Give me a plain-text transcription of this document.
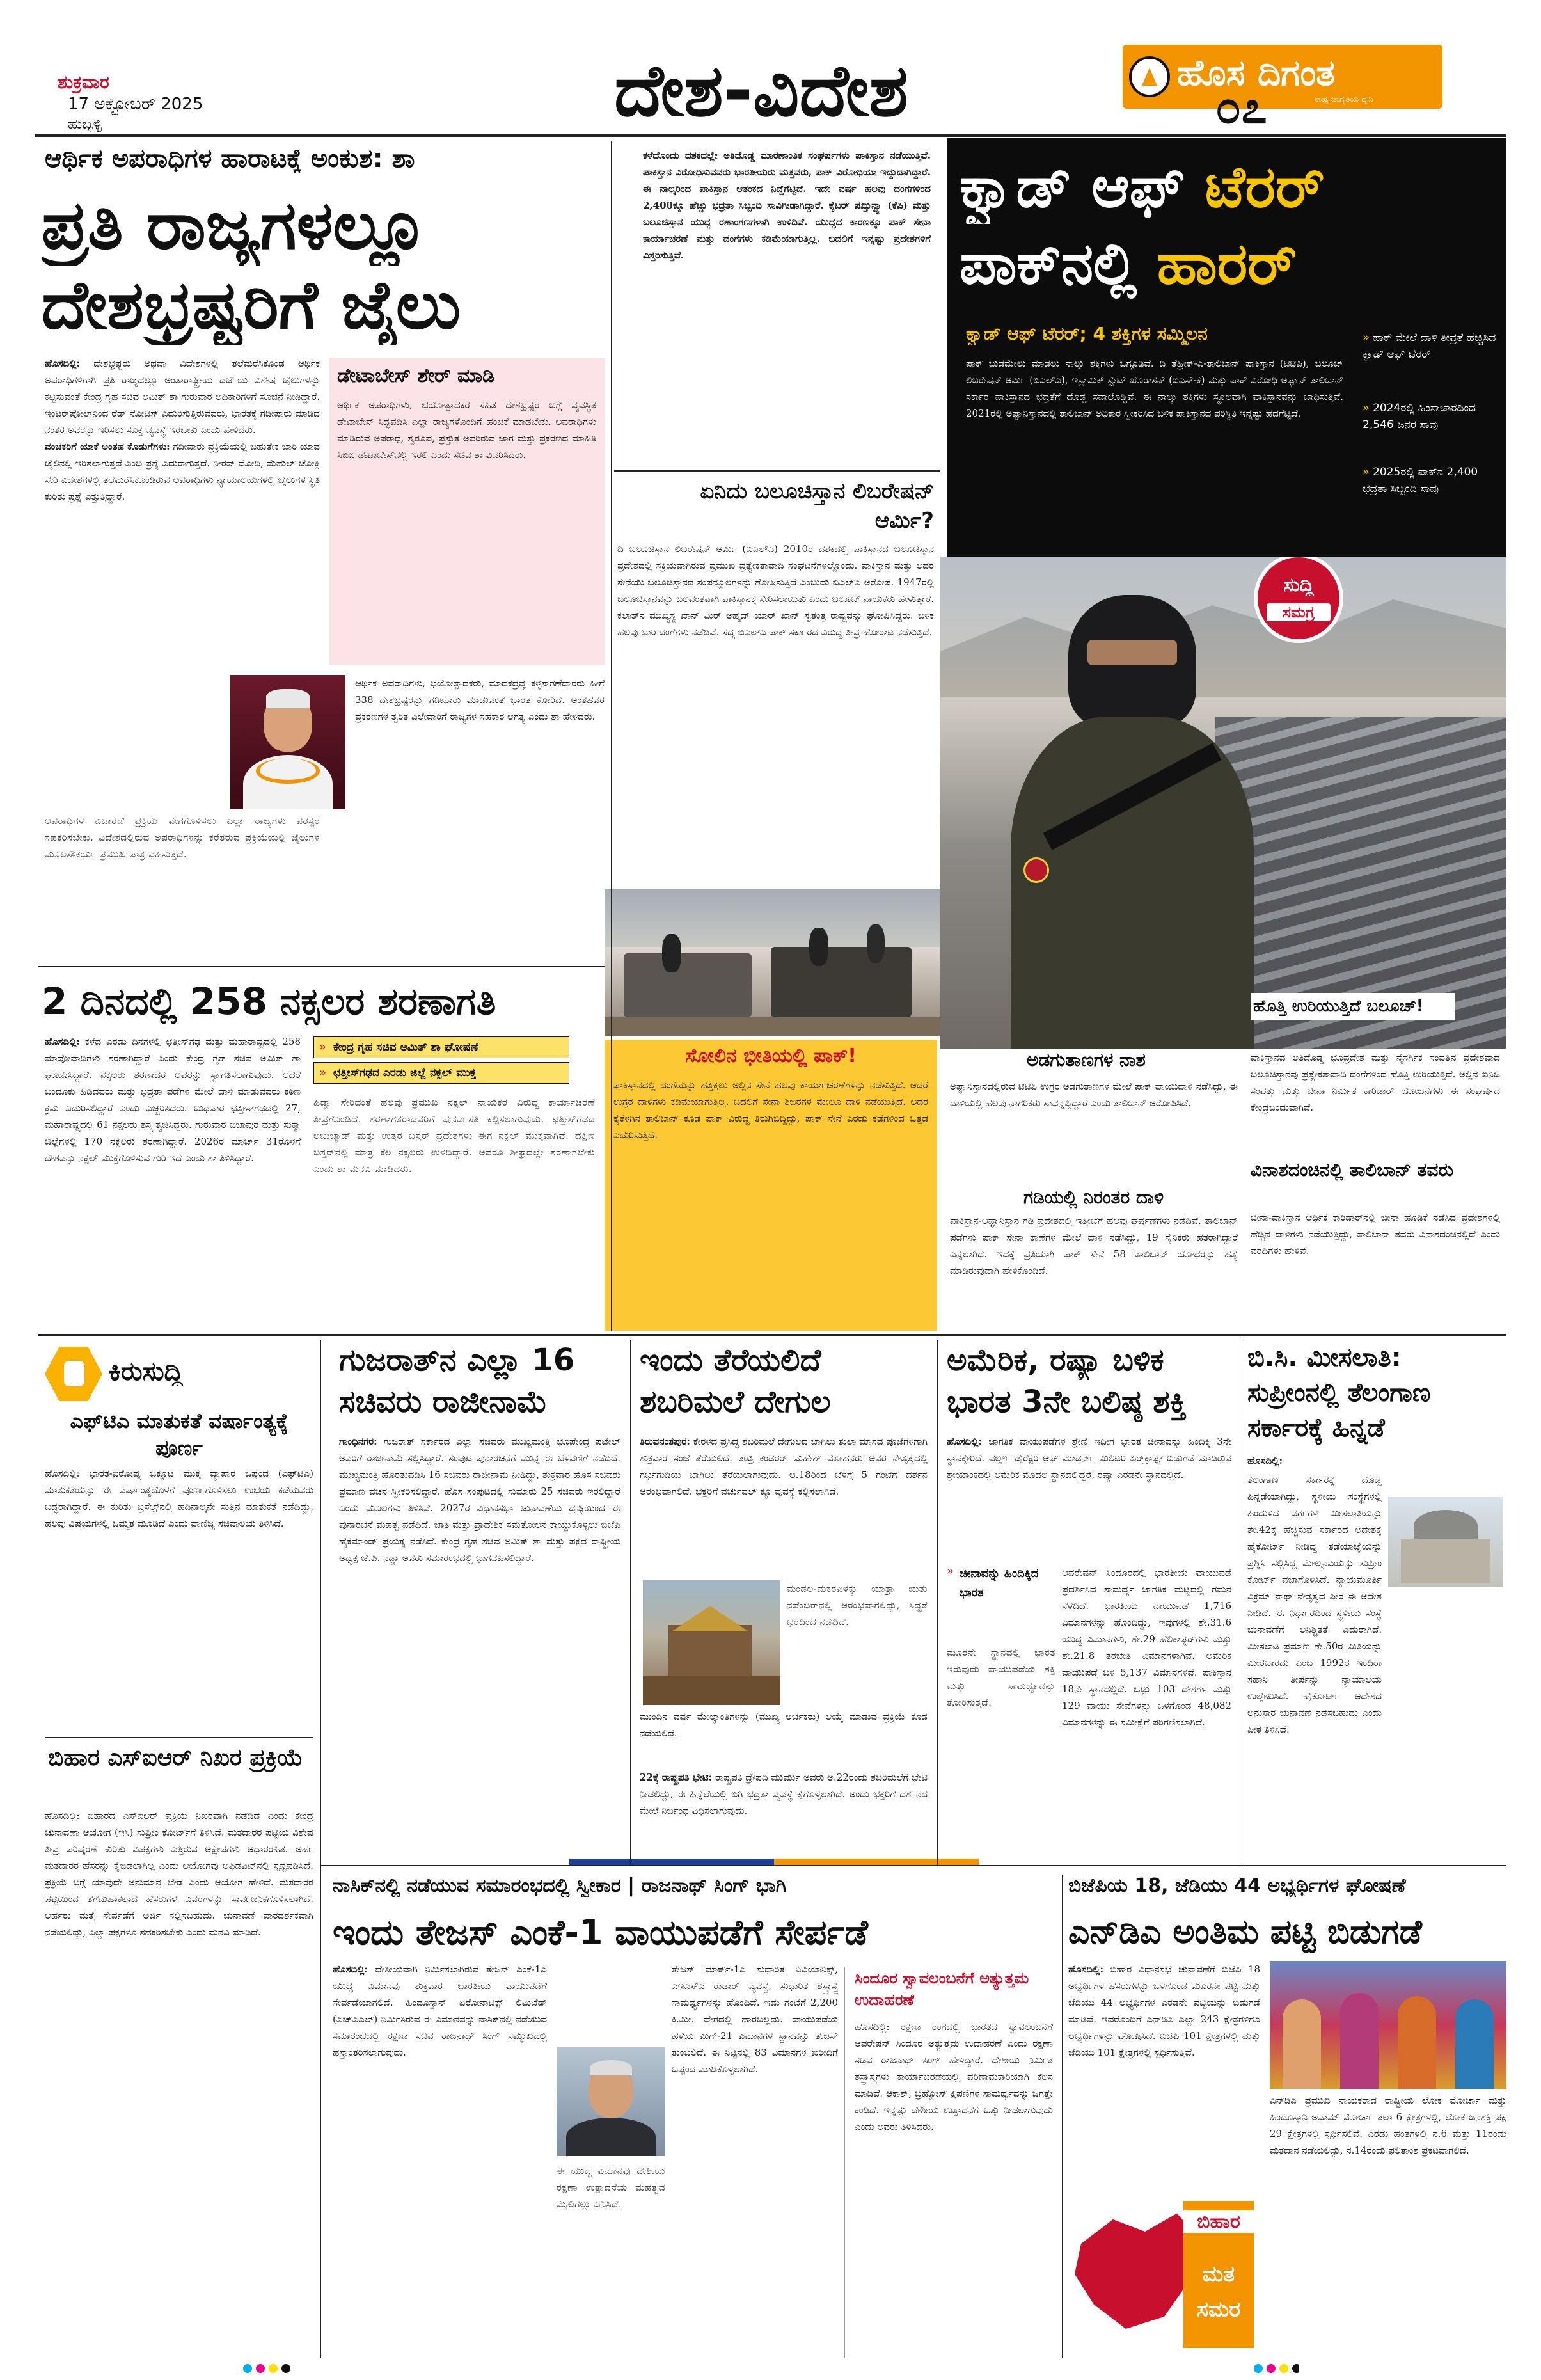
ಶುಕ್ರವಾರ
17 ಅಕ್ಟೋಬರ್ 2025
ಹುಬ್ಬಳ್ಳಿ	ದೇಶ-ವಿದೇಶ	ಹೊಸ ದಿಗಂತ
ರಾಷ್ಟ್ರ ಜಾಗೃತಿಯ ಧ್ವನಿ
೦೭
ಆರ್ಥಿಕ ಅಪರಾಧಿಗಳ ಹಾರಾಟಕ್ಕೆ ಅಂಕುಶ: ಶಾ
ಪ್ರತಿ ರಾಜ್ಯಗಳಲ್ಲೂ
ದೇಶಭ್ರಷ್ಟರಿಗೆ ಜೈಲು
ಹೊಸದಿಲ್ಲಿ: ದೇಶಭ್ರಷ್ಟರು ಅಥವಾ ವಿದೇಶಗಳಲ್ಲಿ ತಲೆಮರೆಸಿಕೊಂಡ ಆರ್ಥಿಕ ಅಪರಾಧಿಗಳಿಗಾಗಿ ಪ್ರತಿ ರಾಜ್ಯದಲ್ಲೂ ಅಂತಾರಾಷ್ಟ್ರೀಯ ದರ್ಜೆಯ ವಿಶೇಷ ಜೈಲುಗಳನ್ನು ಕಟ್ಟಿಸುವಂತೆ ಕೇಂದ್ರ ಗೃಹ ಸಚಿವ ಅಮಿತ್ ಶಾ ಗುರುವಾರ ಅಧಿಕಾರಿಗಳಿಗೆ ಸೂಚನೆ ನೀಡಿದ್ದಾರೆ. ಇಂಟರ್‌ಪೋಲ್‌ನಿಂದ ರೆಡ್ ನೋಟಿಸ್ ಎದುರಿಸುತ್ತಿರುವವರು, ಭಾರತಕ್ಕೆ ಗಡೀಪಾರು ಮಾಡಿದ ನಂತರ ಅವರನ್ನು ಇರಿಸಲು ಸೂಕ್ತ ವ್ಯವಸ್ಥೆ ಇರಬೇಕು ಎಂದು ಹೇಳಿದರು.
ವಂಚಕರಿಗೆ ಯಾಕೆ ಅಂತಹ ಕೊಡುಗೆಗಳು: ಗಡೀಪಾರು ಪ್ರಕ್ರಿಯೆಯಲ್ಲಿ ಬಹುತೇಕ ಬಾರಿ ಯಾವ ಜೈಲಿನಲ್ಲಿ ಇರಿಸಲಾಗುತ್ತದೆ ಎಂಬ ಪ್ರಶ್ನೆ ಎದುರಾಗುತ್ತದೆ. ನೀರವ್ ಮೋದಿ, ಮೆಹುಲ್ ಚೋಕ್ಸಿ ಸೇರಿ ವಿದೇಶಗಳಲ್ಲಿ ತಲೆಮರೆಸಿಕೊಂಡಿರುವ ಅಪರಾಧಿಗಳು ನ್ಯಾಯಾಲಯಗಳಲ್ಲಿ ಜೈಲುಗಳ ಸ್ಥಿತಿ ಕುರಿತು ಪ್ರಶ್ನೆ ಎತ್ತುತ್ತಿದ್ದಾರೆ.
ಡೇಟಾಬೇಸ್ ಶೇರ್ ಮಾಡಿ
ಆರ್ಥಿಕ ಅಪರಾಧಿಗಳು, ಭಯೋತ್ಪಾದಕರ ಸಹಿತ ದೇಶಭ್ರಷ್ಟರ ಬಗ್ಗೆ ವ್ಯವಸ್ಥಿತ ಡೇಟಾಬೇಸ್ ಸಿದ್ಧಪಡಿಸಿ ಎಲ್ಲಾ ರಾಜ್ಯಗಳೊಂದಿಗೆ ಹಂಚಿಕೆ ಮಾಡಬೇಕು. ಅಪರಾಧಿಗಳು ಮಾಡಿರುವ ಅಪರಾಧ, ಸ್ವರೂಪ, ಪ್ರಸ್ತುತ ಅವರಿರುವ ಜಾಗ ಮತ್ತು ಪ್ರಕರಣದ ಮಾಹಿತಿ ಸಿಬಿಐ ಡೇಟಾಬೇಸ್‌ನಲ್ಲಿ ಇರಲಿ ಎಂದು ಸಚಿವ ಶಾ ವಿವರಿಸಿದರು.
ಆರ್ಥಿಕ ಅಪರಾಧಿಗಳು, ಭಯೋತ್ಪಾದಕರು, ಮಾದಕದ್ರವ್ಯ ಕಳ್ಳಸಾಗಣೆದಾರರು ಹೀಗೆ 338 ದೇಶಭ್ರಷ್ಟರನ್ನು ಗಡೀಪಾರು ಮಾಡುವಂತೆ ಭಾರತ ಕೋರಿದೆ. ಅಂತಹವರ ಪ್ರಕರಣಗಳ ತ್ವರಿತ ವಿಲೇವಾರಿಗೆ ರಾಜ್ಯಗಳ ಸಹಕಾರ ಅಗತ್ಯ ಎಂದು ಶಾ ಹೇಳಿದರು.
ಆಪರಾಧಿಗಳ ವಿಚಾರಣೆ ಪ್ರಕ್ರಿಯೆ ವೇಗಗೊಳಿಸಲು ಎಲ್ಲಾ ರಾಜ್ಯಗಳು ಪರಸ್ಪರ ಸಹಕರಿಸಬೇಕು. ವಿದೇಶದಲ್ಲಿರುವ ಅಪರಾಧಿಗಳನ್ನು ಕರೆತರುವ ಪ್ರಕ್ರಿಯೆಯಲ್ಲಿ ಜೈಲುಗಳ ಮೂಲಸೌಕರ್ಯ ಪ್ರಮುಖ ಪಾತ್ರ ವಹಿಸುತ್ತದೆ.
2 ದಿನದಲ್ಲಿ 258 ನಕ್ಸಲರ ಶರಣಾಗತಿ
ಹೊಸದಿಲ್ಲಿ: ಕಳೆದ ಎರಡು ದಿನಗಳಲ್ಲಿ ಛತ್ತೀಸ್‌ಗಢ ಮತ್ತು ಮಹಾರಾಷ್ಟ್ರದಲ್ಲಿ 258 ಮಾವೋವಾದಿಗಳು ಶರಣಾಗಿದ್ದಾರೆ ಎಂದು ಕೇಂದ್ರ ಗೃಹ ಸಚಿವ ಅಮಿತ್ ಶಾ ಘೋಷಿಸಿದ್ದಾರೆ. ನಕ್ಸಲರು ಶರಣಾದರೆ ಅವರನ್ನು ಸ್ವಾಗತಿಸಲಾಗುವುದು. ಆದರೆ ಬಂದೂಕು ಹಿಡಿದವರು ಮತ್ತು ಭದ್ರತಾ ಪಡೆಗಳ ಮೇಲೆ ದಾಳಿ ಮಾಡುವವರು ಕಠಿಣ ಕ್ರಮ ಎದುರಿಸಲಿದ್ದಾರೆ ಎಂದು ಎಚ್ಚರಿಸಿದರು. ಬುಧವಾರ ಛತ್ತೀಸ್‌ಗಢದಲ್ಲಿ 27, ಮಹಾರಾಷ್ಟ್ರದಲ್ಲಿ 61 ನಕ್ಸಲರು ಶಸ್ತ್ರ ತ್ಯಜಿಸಿದ್ದರು. ಗುರುವಾರ ಬಿಜಾಪುರ ಮತ್ತು ಸುಕ್ಮಾ ಜಿಲ್ಲೆಗಳಲ್ಲಿ 170 ನಕ್ಸಲರು ಶರಣಾಗಿದ್ದಾರೆ. 2026ರ ಮಾರ್ಚ್ 31ರೊಳಗೆ ದೇಶವನ್ನು ನಕ್ಸಲ್ ಮುಕ್ತಗೊಳಿಸುವ ಗುರಿ ಇದೆ ಎಂದು ಶಾ ತಿಳಿಸಿದ್ದಾರೆ.
» ಕೇಂದ್ರ ಗೃಹ ಸಚಿವ ಅಮಿತ್ ಶಾ ಘೋಷಣೆ
» ಛತ್ತೀಸ್‌ಗಢದ ಎರಡು ಜಿಲ್ಲೆ ನಕ್ಸಲ್ ಮುಕ್ತ
ಹಿಡ್ಮಾ ಸೇರಿದಂತೆ ಹಲವು ಪ್ರಮುಖ ನಕ್ಸಲ್ ನಾಯಕರ ವಿರುದ್ಧ ಕಾರ್ಯಾಚರಣೆ ತೀವ್ರಗೊಂಡಿದೆ. ಶರಣಾಗತರಾದವರಿಗೆ ಪುನರ್ವಸತಿ ಕಲ್ಪಿಸಲಾಗುವುದು. ಛತ್ತೀಸ್‌ಗಢದ ಅಬುಜ್ಮಾಡ್ ಮತ್ತು ಉತ್ತರ ಬಸ್ತರ್ ಪ್ರದೇಶಗಳು ಈಗ ನಕ್ಸಲ್ ಮುಕ್ತವಾಗಿವೆ. ದಕ್ಷಿಣ ಬಸ್ತರ್‌ನಲ್ಲಿ ಮಾತ್ರ ಕೆಲ ನಕ್ಸಲರು ಉಳಿದಿದ್ದಾರೆ. ಅವರೂ ಶೀಘ್ರದಲ್ಲೇ ಶರಣಾಗಬೇಕು ಎಂದು ಶಾ ಮನವಿ ಮಾಡಿದರು.
ಕಳೆದೊಂದು ದಶಕದಲ್ಲೇ ಅತಿದೊಡ್ಡ ಮಾರಣಾಂತಿಕ ಸಂಘರ್ಷಗಳು ಪಾಕಿಸ್ತಾನ ನಡೆಯುತ್ತಿವೆ. ಪಾಕಿಸ್ತಾನ ವಿರೋಧಿಸುವವರು ಭಾರತೀಯರು ಮತ್ತವರು, ಪಾಕ್ ವಿರೋಧಿಯಾ ಇದ್ದುದಾಗಿದ್ದಾರೆ. ಈ ನಾಲ್ಕರಿಂದ ಪಾಕಿಸ್ತಾನ ಆತಂಕದ ನಿದ್ದೆಗೆಟ್ಟಿದೆ. ಇದೇ ವರ್ಷ ಹಲವು ದಂಗೆಗಳಿಂದ 2,400ಕ್ಕೂ ಹೆಚ್ಚು ಭದ್ರತಾ ಸಿಬ್ಬಂದಿ ಸಾವಿಗೀಡಾಗಿದ್ದಾರೆ. ಕೈಬರ್ ಪಖ್ತುನ್ಖ್ವಾ (ಕೆಪಿ) ಮತ್ತು ಬಲೂಚಿಸ್ತಾನ ಯುದ್ಧ ರಣಾಂಗಣಗಳಾಗಿ ಉಳಿದಿವೆ. ಯುದ್ಧದ ಕಾರಣಕ್ಕೂ ಪಾಕ್ ಸೇನಾ ಕಾರ್ಯಾಚರಣೆ ಮತ್ತು ದಂಗೆಗಳು ಕಡಿಮೆಯಾಗುತ್ತಿಲ್ಲ. ಬದಲಿಗೆ ಇನ್ನಷ್ಟು ಪ್ರದೇಶಗಳಿಗೆ ವಿಸ್ತರಿಸುತ್ತಿವೆ.
ಏನಿದು ಬಲೂಚಿಸ್ತಾನ ಲಿಬರೇಷನ್ ಆರ್ಮಿ?
ದಿ ಬಲೂಚಿಸ್ತಾನ ಲಿಬರೇಷನ್ ಆರ್ಮಿ (ಬಿಎಲ್‌ಎ) 2010ರ ದಶಕದಲ್ಲಿ ಪಾಕಿಸ್ತಾನದ ಬಲೂಚಿಸ್ತಾನ ಪ್ರದೇಶದಲ್ಲಿ ಸಕ್ರಿಯವಾಗಿರುವ ಪ್ರಮುಖ ಪ್ರತ್ಯೇಕತಾವಾದಿ ಸಂಘಟನೆಗಳಲ್ಲೊಂದು. ಪಾಕಿಸ್ತಾನ ಮತ್ತು ಅದರ ಸೇನೆಯು ಬಲೂಚಿಸ್ತಾನದ ಸಂಪನ್ಮೂಲಗಳನ್ನು ಶೋಷಿಸುತ್ತಿದೆ ಎಂಬುದು ಬಿಎಲ್‌ಎ ಆರೋಪ. 1947ರಲ್ಲಿ ಬಲೂಚಿಸ್ತಾನವನ್ನು ಬಲವಂತವಾಗಿ ಪಾಕಿಸ್ತಾನಕ್ಕೆ ಸೇರಿಸಲಾಯಿತು ಎಂದು ಬಲೂಚ್ ನಾಯಕರು ಹೇಳುತ್ತಾರೆ. ಕಲಾತ್‌ನ ಮುಖ್ಯಸ್ಥ ಖಾನ್ ಮಿರ್ ಅಹ್ಮದ್ ಯಾರ್ ಖಾನ್ ಸ್ವತಂತ್ರ ರಾಷ್ಟ್ರವನ್ನು ಘೋಷಿಸಿದ್ದರು. ಬಳಿಕ ಹಲವು ಬಾರಿ ದಂಗೆಗಳು ನಡೆದಿವೆ. ಸದ್ಯ ಬಿಎಲ್‌ಎ ಪಾಕ್ ಸರ್ಕಾರದ ವಿರುದ್ಧ ತೀವ್ರ ಹೋರಾಟ ನಡೆಸುತ್ತಿದೆ.
ಸೋಲಿನ ಭೀತಿಯಲ್ಲಿ ಪಾಕ್!
ಪಾಕಿಸ್ತಾನದಲ್ಲಿ ದಂಗೆಯನ್ನು ಹತ್ತಿಕ್ಕಲು ಅಲ್ಲಿನ ಸೇನೆ ಹಲವು ಕಾರ್ಯಾಚರಣೆಗಳನ್ನು ನಡೆಸುತ್ತಿದೆ. ಆದರೆ ಉಗ್ರರ ದಾಳಿಗಳು ಕಡಿಮೆಯಾಗುತ್ತಿಲ್ಲ. ಬದಲಿಗೆ ಸೇನಾ ಶಿಬಿರಗಳ ಮೇಲೂ ದಾಳಿ ನಡೆಯುತ್ತಿದೆ. ಅದರ ಕೈಕೆಳಗಿನ ತಾಲಿಬಾನ್ ಕೂಡ ಪಾಕ್ ವಿರುದ್ಧ ತಿರುಗಿಬಿದ್ದಿದ್ದು, ಪಾಕ್ ಸೇನೆ ಎರಡು ಕಡೆಗಳಿಂದ ಒತ್ತಡ ಎದುರಿಸುತ್ತಿದೆ.
ಕ್ವಾಡ್ ಆಫ್ ಟೆರರ್
ಪಾಕ್‌ನಲ್ಲಿ ಹಾರರ್
ಕ್ವಾಡ್ ಆಫ್ ಟೆರರ್; 4 ಶಕ್ತಿಗಳ ಸಮ್ಮಿಲನ
ಪಾಕ್ ಬುಡಮೇಲು ಮಾಡಲು ನಾಲ್ಕು ಶಕ್ತಿಗಳು ಒಗ್ಗೂಡಿವೆ. ದಿ ತೆಹ್ರೀಕ್-ಎ-ತಾಲಿಬಾನ್ ಪಾಕಿಸ್ತಾನ (ಟಿಟಿಪಿ), ಬಲೂಚ್ ಲಿಬರೇಷನ್ ಆರ್ಮಿ (ಬಿಎಲ್‌ಎ), ಇಸ್ಲಾಮಿಕ್ ಸ್ಟೇಟ್ ಖೊರಾಸನ್ (ಐಎಸ್-ಕೆ) ಮತ್ತು ಪಾಕ್ ವಿರೋಧಿ ಅಫ್ಘಾನ್ ತಾಲಿಬಾನ್ ಸರ್ಕಾರ ಪಾಕಿಸ್ತಾನದ ಭದ್ರತೆಗೆ ದೊಡ್ಡ ಸವಾಲೊಡ್ಡಿವೆ. ಈ ನಾಲ್ಕು ಶಕ್ತಿಗಳು ಸ್ಥೂಲವಾಗಿ ಪಾಕಿಸ್ತಾನವನ್ನು ಬಾಧಿಸುತ್ತಿವೆ. 2021ರಲ್ಲಿ ಅಫ್ಘಾನಿಸ್ತಾನದಲ್ಲಿ ತಾಲಿಬಾನ್ ಅಧಿಕಾರ ಸ್ವೀಕರಿಸಿದ ಬಳಿಕ ಪಾಕಿಸ್ತಾನದ ಪರಿಸ್ಥಿತಿ ಇನ್ನಷ್ಟು ಹದಗೆಟ್ಟಿದೆ.
» ಪಾಕ್ ಮೇಲೆ ದಾಳಿ ತೀವ್ರತೆ ಹೆಚ್ಚಿಸಿದ ಕ್ವಾಡ್ ಆಫ್ ಟೆರರ್
» 2024ರಲ್ಲಿ ಹಿಂಸಾಚಾರದಿಂದ 2,546 ಜನರ ಸಾವು
» 2025ರಲ್ಲಿ ಪಾಕ್‌ನ 2,400 ಭದ್ರತಾ ಸಿಬ್ಬಂದಿ ಸಾವು
ಸುದ್ದಿ
ಸಮಗ್ರ
ಅಡಗುತಾಣಗಳ ನಾಶ
ಅಫ್ಘಾನಿಸ್ತಾನದಲ್ಲಿರುವ ಟಿಟಿಪಿ ಉಗ್ರರ ಅಡಗುತಾಣಗಳ ಮೇಲೆ ಪಾಕ್ ವಾಯುದಾಳಿ ನಡೆಸಿದ್ದು, ಈ ದಾಳಿಯಲ್ಲಿ ಹಲವು ನಾಗರಿಕರು ಸಾವನ್ನಪ್ಪಿದ್ದಾರೆ ಎಂದು ತಾಲಿಬಾನ್ ಆರೋಪಿಸಿದೆ.
ಗಡಿಯಲ್ಲಿ ನಿರಂತರ ದಾಳಿ
ಪಾಕಿಸ್ತಾನ-ಅಫ್ಘಾನಿಸ್ತಾನ ಗಡಿ ಪ್ರದೇಶದಲ್ಲಿ ಇತ್ತೀಚೆಗೆ ಹಲವು ಘರ್ಷಣೆಗಳು ನಡೆದಿವೆ. ತಾಲಿಬಾನ್ ಪಡೆಗಳು ಪಾಕ್ ಸೇನಾ ಠಾಣೆಗಳ ಮೇಲೆ ದಾಳಿ ನಡೆಸಿದ್ದು, 19 ಸೈನಿಕರು ಹತರಾಗಿದ್ದಾರೆ ಎನ್ನಲಾಗಿದೆ. ಇದಕ್ಕೆ ಪ್ರತಿಯಾಗಿ ಪಾಕ್ ಸೇನೆ 58 ತಾಲಿಬಾನ್ ಯೋಧರನ್ನು ಹತ್ಯೆ ಮಾಡಿರುವುದಾಗಿ ಹೇಳಿಕೊಂಡಿದೆ.
ಹೊತ್ತಿ ಉರಿಯುತ್ತಿದೆ ಬಲೂಚ್!
ಪಾಕಿಸ್ತಾನದ ಅತಿದೊಡ್ಡ ಭೂಪ್ರದೇಶ ಮತ್ತು ನೈಸರ್ಗಿಕ ಸಂಪತ್ತಿನ ಪ್ರದೇಶವಾದ ಬಲೂಚಿಸ್ತಾನವು ಪ್ರತ್ಯೇಕತಾವಾದಿ ದಂಗೆಗಳಿಂದ ಹೊತ್ತಿ ಉರಿಯುತ್ತಿದೆ. ಅಲ್ಲಿನ ಖನಿಜ ಸಂಪತ್ತು ಮತ್ತು ಚೀನಾ ನಿರ್ಮಿತ ಕಾರಿಡಾರ್ ಯೋಜನೆಗಳು ಈ ಸಂಘರ್ಷದ ಕೇಂದ್ರಬಿಂದುವಾಗಿವೆ.
ವಿನಾಶದಂಚಿನಲ್ಲಿ ತಾಲಿಬಾನ್ ತವರು
ಚೀನಾ-ಪಾಕಿಸ್ತಾನ ಆರ್ಥಿಕ ಕಾರಿಡಾರ್‌ನಲ್ಲಿ ಚೀನಾ ಹೂಡಿಕೆ ನಡೆಸಿದ ಪ್ರದೇಶಗಳಲ್ಲಿ ಹೆಚ್ಚಿನ ದಾಳಿಗಳು ನಡೆಯುತ್ತಿದ್ದು, ತಾಲಿಬಾನ್ ತವರು ವಿನಾಶದಂಚಿನಲ್ಲಿದೆ ಎಂದು ವರದಿಗಳು ಹೇಳಿವೆ.
ಕಿರುಸುದ್ದಿ
ಎಫ್‌ಟಿಎ ಮಾತುಕತೆ ವರ್ಷಾಂತ್ಯಕ್ಕೆ ಪೂರ್ಣ
ಹೊಸದಿಲ್ಲಿ: ಭಾರತ-ಐರೋಪ್ಯ ಒಕ್ಕೂಟ ಮುಕ್ತ ವ್ಯಾಪಾರ ಒಪ್ಪಂದ (ಎಫ್‌ಟಿಎ) ಮಾತುಕತೆಯನ್ನು ಈ ವರ್ಷಾಂತ್ಯದೊಳಗೆ ಪೂರ್ಣಗೊಳಿಸಲು ಉಭಯ ಕಡೆಯವರು ಬದ್ಧರಾಗಿದ್ದಾರೆ. ಈ ಕುರಿತು ಬ್ರಸೆಲ್ಸ್‌ನಲ್ಲಿ ಹದಿನಾಲ್ಕನೇ ಸುತ್ತಿನ ಮಾತುಕತೆ ನಡೆದಿದ್ದು, ಹಲವು ವಿಷಯಗಳಲ್ಲಿ ಒಮ್ಮತ ಮೂಡಿದೆ ಎಂದು ವಾಣಿಜ್ಯ ಸಚಿವಾಲಯ ತಿಳಿಸಿದೆ.
ಬಿಹಾರ ಎಸ್‌ಐಆರ್ ನಿಖರ ಪ್ರಕ್ರಿಯೆ
ಹೊಸದಿಲ್ಲಿ: ಬಿಹಾರದ ಎಸ್‌ಐಆರ್ ಪ್ರಕ್ರಿಯೆ ನಿಖರವಾಗಿ ನಡೆದಿದೆ ಎಂದು ಕೇಂದ್ರ ಚುನಾವಣಾ ಆಯೋಗ (ಇಸಿ) ಸುಪ್ರೀಂ ಕೋರ್ಟ್‌ಗೆ ತಿಳಿಸಿದೆ. ಮತದಾರರ ಪಟ್ಟಿಯ ವಿಶೇಷ ತೀವ್ರ ಪರಿಷ್ಕರಣೆ ಕುರಿತು ವಿಪಕ್ಷಗಳು ಎತ್ತಿರುವ ಆಕ್ಷೇಪಗಳು ಆಧಾರರಹಿತ. ಅರ್ಹ ಮತದಾರರ ಹೆಸರನ್ನು ಕೈಬಿಡಲಾಗಿಲ್ಲ ಎಂದು ಆಯೋಗವು ಅಫಿಡವಿಟ್‌ನಲ್ಲಿ ಸ್ಪಷ್ಟಪಡಿಸಿದೆ. ಪ್ರಕ್ರಿಯೆ ಬಗ್ಗೆ ಯಾವುದೇ ಅನುಮಾನ ಬೇಡ ಎಂದು ಆಯೋಗ ಹೇಳಿದೆ. ಮತದಾರರ ಪಟ್ಟಿಯಿಂದ ತೆಗೆದುಹಾಕಲಾದ ಹೆಸರುಗಳ ವಿವರಗಳನ್ನು ಸಾರ್ವಜನಿಕಗೊಳಿಸಲಾಗಿದೆ. ಅರ್ಹರು ಮತ್ತೆ ಸೇರ್ಪಡೆಗೆ ಅರ್ಜಿ ಸಲ್ಲಿಸಬಹುದು. ಚುನಾವಣೆ ಪಾರದರ್ಶಕವಾಗಿ ನಡೆಯಲಿದ್ದು, ಎಲ್ಲಾ ಪಕ್ಷಗಳೂ ಸಹಕರಿಸಬೇಕು ಎಂದು ಮನವಿ ಮಾಡಿದೆ.
ಗುಜರಾತ್‌ನ ಎಲ್ಲಾ 16
ಸಚಿವರು ರಾಜೀನಾಮೆ
ಗಾಂಧಿನಗರ: ಗುಜರಾತ್ ಸರ್ಕಾರದ ಎಲ್ಲಾ ಸಚಿವರು ಮುಖ್ಯಮಂತ್ರಿ ಭೂಪೇಂದ್ರ ಪಟೇಲ್ ಅವರಿಗೆ ರಾಜೀನಾಮೆ ಸಲ್ಲಿಸಿದ್ದಾರೆ. ಸಂಪುಟ ಪುನಾರಚನೆಗೆ ಮುನ್ನ ಈ ಬೆಳವಣಿಗೆ ನಡೆದಿದೆ. ಮುಖ್ಯಮಂತ್ರಿ ಹೊರತುಪಡಿಸಿ 16 ಸಚಿವರು ರಾಜೀನಾಮೆ ನೀಡಿದ್ದು, ಶುಕ್ರವಾರ ಹೊಸ ಸಚಿವರು ಪ್ರಮಾಣ ವಚನ ಸ್ವೀಕರಿಸಲಿದ್ದಾರೆ. ಹೊಸ ಸಂಪುಟದಲ್ಲಿ ಸುಮಾರು 25 ಸಚಿವರು ಇರಲಿದ್ದಾರೆ ಎಂದು ಮೂಲಗಳು ತಿಳಿಸಿವೆ. 2027ರ ವಿಧಾನಸಭಾ ಚುನಾವಣೆಯ ದೃಷ್ಟಿಯಿಂದ ಈ ಪುನಾರಚನೆ ಮಹತ್ವ ಪಡೆದಿದೆ. ಜಾತಿ ಮತ್ತು ಪ್ರಾದೇಶಿಕ ಸಮತೋಲನ ಕಾಯ್ದುಕೊಳ್ಳಲು ಬಿಜೆಪಿ ಹೈಕಮಾಂಡ್ ಪ್ರಯತ್ನ ನಡೆಸಿದೆ. ಕೇಂದ್ರ ಗೃಹ ಸಚಿವ ಅಮಿತ್ ಶಾ ಮತ್ತು ಪಕ್ಷದ ರಾಷ್ಟ್ರೀಯ ಅಧ್ಯಕ್ಷ ಜೆ.ಪಿ. ನಡ್ಡಾ ಅವರು ಸಮಾರಂಭದಲ್ಲಿ ಭಾಗವಹಿಸಲಿದ್ದಾರೆ.
ಇಂದು ತೆರೆಯಲಿದೆ
ಶಬರಿಮಲೆ ದೇಗುಲ
ತಿರುವನಂತಪುರ: ಕೇರಳದ ಪ್ರಸಿದ್ಧ ಶಬರಿಮಲೆ ದೇಗುಲದ ಬಾಗಿಲು ತುಲಾ ಮಾಸದ ಪೂಜೆಗಳಿಗಾಗಿ ಶುಕ್ರವಾರ ಸಂಜೆ ತೆರೆಯಲಿದೆ. ತಂತ್ರಿ ಕಂಡರರ್ ಮಹೇಶ್ ಮೋಹನರು ಅವರ ನೇತೃತ್ವದಲ್ಲಿ ಗರ್ಭಗುಡಿಯ ಬಾಗಿಲು ತೆರೆಯಲಾಗುವುದು. ಅ.18ರಿಂದ ಬೆಳಗ್ಗೆ 5 ಗಂಟೆಗೆ ದರ್ಶನ ಆರಂಭವಾಗಲಿದೆ. ಭಕ್ತರಿಗೆ ವರ್ಚುವಲ್ ಕ್ಯೂ ವ್ಯವಸ್ಥೆ ಕಲ್ಪಿಸಲಾಗಿದೆ.
ಮಂಡಲ-ಮಕರವಿಳಕ್ಕು ಯಾತ್ರಾ ಋತು ನವೆಂಬರ್‌ನಲ್ಲಿ ಆರಂಭವಾಗಲಿದ್ದು, ಸಿದ್ಧತೆ ಭರದಿಂದ ನಡೆದಿದೆ.
ಮುಂದಿನ ವರ್ಷ ಮೇಲ್ಶಾಂತಿಗಳನ್ನು (ಮುಖ್ಯ ಅರ್ಚಕರು) ಆಯ್ಕೆ ಮಾಡುವ ಪ್ರಕ್ರಿಯೆ ಕೂಡ ನಡೆಯಲಿದೆ.
22ಕ್ಕೆ ರಾಷ್ಟ್ರಪತಿ ಭೇಟಿ: ರಾಷ್ಟ್ರಪತಿ ದ್ರೌಪದಿ ಮುರ್ಮು ಅವರು ಅ.22ರಂದು ಶಬರಿಮಲೆಗೆ ಭೇಟಿ ನೀಡಲಿದ್ದು, ಈ ಹಿನ್ನೆಲೆಯಲ್ಲಿ ಬಿಗಿ ಭದ್ರತಾ ವ್ಯವಸ್ಥೆ ಕೈಗೊಳ್ಳಲಾಗಿದೆ. ಅಂದು ಭಕ್ತರಿಗೆ ದರ್ಶನದ ಮೇಲೆ ನಿರ್ಬಂಧ ವಿಧಿಸಲಾಗುವುದು.
ಅಮೆರಿಕ, ರಷ್ಯಾ ಬಳಿಕ
ಭಾರತ 3ನೇ ಬಲಿಷ್ಠ ಶಕ್ತಿ
ಹೊಸದಿಲ್ಲಿ: ಜಾಗತಿಕ ವಾಯುಪಡೆಗಳ ಶ್ರೇಣಿ ಇದೀಗ ಭಾರತ ಚೀನಾವನ್ನು ಹಿಂದಿಕ್ಕಿ 3ನೇ ಸ್ಥಾನಕ್ಕೇರಿದೆ. ವರ್ಲ್ಡ್ ಡೈರೆಕ್ಟರಿ ಆಫ್ ಮಾಡರ್ನ್ ಮಿಲಿಟರಿ ಏರ್‌ಕ್ರಾಫ್ಟ್ ಬಿಡುಗಡೆ ಮಾಡಿರುವ ಶ್ರೇಯಾಂಕದಲ್ಲಿ ಅಮೆರಿಕ ಮೊದಲ ಸ್ಥಾನದಲ್ಲಿದ್ದರೆ, ರಷ್ಯಾ ಎರಡನೇ ಸ್ಥಾನದಲ್ಲಿದೆ.
» ಚೀನಾವನ್ನು ಹಿಂದಿಕ್ಕಿದ ಭಾರತ
ಆಪರೇಷನ್ ಸಿಂದೂರದಲ್ಲಿ ಭಾರತೀಯ ವಾಯುಪಡೆ ಪ್ರದರ್ಶಿಸಿದ ಸಾಮರ್ಥ್ಯ ಜಾಗತಿಕ ಮಟ್ಟದಲ್ಲಿ ಗಮನ ಸೆಳೆದಿದೆ. ಭಾರತೀಯ ವಾಯುಪಡೆ 1,716 ವಿಮಾನಗಳನ್ನು ಹೊಂದಿದ್ದು, ಇವುಗಳಲ್ಲಿ ಶೇ.31.6 ಯುದ್ಧ ವಿಮಾನಗಳು, ಶೇ.29 ಹೆಲಿಕಾಪ್ಟರ್‌ಗಳು ಮತ್ತು ಶೇ.21.8 ತರಬೇತಿ ವಿಮಾನಗಳಾಗಿವೆ. ಅಮೆರಿಕ ವಾಯುಪಡೆ ಬಳಿ 5,137 ವಿಮಾನಗಳಿವೆ. ಪಾಕಿಸ್ತಾನ 18ನೇ ಸ್ಥಾನದಲ್ಲಿದೆ. ಒಟ್ಟು 103 ದೇಶಗಳ ಮತ್ತು 129 ವಾಯು ಸೇವೆಗಳನ್ನು ಒಳಗೊಂಡ 48,082 ವಿಮಾನಗಳನ್ನು ಈ ಸಮೀಕ್ಷೆಗೆ ಪರಿಗಣಿಸಲಾಗಿದೆ.
ಮೂರನೇ ಸ್ಥಾನದಲ್ಲಿ ಭಾರತ ಇರುವುದು ವಾಯುಪಡೆಯ ಶಕ್ತಿ ಮತ್ತು ಸಾಮರ್ಥ್ಯವನ್ನು ತೋರಿಸುತ್ತದೆ.
ಬಿ.ಸಿ. ಮೀಸಲಾತಿ:
ಸುಪ್ರೀಂನಲ್ಲಿ ತೆಲಂಗಾಣ
ಸರ್ಕಾರಕ್ಕೆ ಹಿನ್ನಡೆ
ಹೊಸದಿಲ್ಲಿ:
ತೆಲಂಗಾಣ ಸರ್ಕಾರಕ್ಕೆ ದೊಡ್ಡ ಹಿನ್ನಡೆಯಾಗಿದ್ದು, ಸ್ಥಳೀಯ ಸಂಸ್ಥೆಗಳಲ್ಲಿ ಹಿಂದುಳಿದ ವರ್ಗಗಳ ಮೀಸಲಾತಿಯನ್ನು ಶೇ.42ಕ್ಕೆ ಹೆಚ್ಚಿಸುವ ಸರ್ಕಾರದ ಆದೇಶಕ್ಕೆ ಹೈಕೋರ್ಟ್ ನೀಡಿದ್ದ ತಡೆಯಾಜ್ಞೆಯನ್ನು ಪ್ರಶ್ನಿಸಿ ಸಲ್ಲಿಸಿದ್ದ ಮೇಲ್ಮನವಿಯನ್ನು ಸುಪ್ರೀಂ ಕೋರ್ಟ್ ವಜಾಗೊಳಿಸಿದೆ. ನ್ಯಾಯಮೂರ್ತಿ ವಿಕ್ರಮ್ ನಾಥ್ ನೇತೃತ್ವದ ಪೀಠ ಈ ಆದೇಶ ನೀಡಿದೆ. ಈ ನಿರ್ಧಾರದಿಂದ ಸ್ಥಳೀಯ ಸಂಸ್ಥೆ ಚುನಾವಣೆಗೆ ಅನಿಶ್ಚಿತತೆ ಎದುರಾಗಿದೆ. ಮೀಸಲಾತಿ ಪ್ರಮಾಣ ಶೇ.50ರ ಮಿತಿಯನ್ನು ಮೀರಬಾರದು ಎಂಬ 1992ರ ಇಂದಿರಾ ಸಹಾನಿ ತೀರ್ಪನ್ನು ನ್ಯಾಯಾಲಯ ಉಲ್ಲೇಖಿಸಿದೆ. ಹೈಕೋರ್ಟ್ ಆದೇಶದ ಅನುಸಾರ ಚುನಾವಣೆ ನಡೆಸಬಹುದು ಎಂದು ಪೀಠ ತಿಳಿಸಿದೆ.
ನಾಸಿಕ್‌ನಲ್ಲಿ ನಡೆಯುವ ಸಮಾರಂಭದಲ್ಲಿ ಸ್ವೀಕಾರ | ರಾಜನಾಥ್ ಸಿಂಗ್ ಭಾಗಿ
ಇಂದು ತೇಜಸ್ ಎಂಕೆ-1 ವಾಯುಪಡೆಗೆ ಸೇರ್ಪಡೆ
ಹೊಸದಿಲ್ಲಿ: ದೇಶೀಯವಾಗಿ ನಿರ್ಮಿಸಲಾಗಿರುವ ತೇಜಸ್ ಎಂಕೆ-1ಎ ಯುದ್ಧ ವಿಮಾನವು ಶುಕ್ರವಾರ ಭಾರತೀಯ ವಾಯುಪಡೆಗೆ ಸೇರ್ಪಡೆಯಾಗಲಿದೆ. ಹಿಂದೂಸ್ತಾನ್ ಏರೋನಾಟಿಕ್ಸ್ ಲಿಮಿಟೆಡ್ (ಎಚ್‌ಎಎಲ್) ನಿರ್ಮಿಸಿರುವ ಈ ವಿಮಾನವನ್ನು ನಾಸಿಕ್‌ನಲ್ಲಿ ನಡೆಯುವ ಸಮಾರಂಭದಲ್ಲಿ ರಕ್ಷಣಾ ಸಚಿವ ರಾಜನಾಥ್ ಸಿಂಗ್ ಸಮ್ಮುಖದಲ್ಲಿ ಹಸ್ತಾಂತರಿಸಲಾಗುವುದು.
ತೇಜಸ್ ಮಾರ್ಕ್-1ಎ ಸುಧಾರಿತ ಏವಿಯಾನಿಕ್ಸ್, ಎಇಎಸ್‌ಎ ರಾಡಾರ್ ವ್ಯವಸ್ಥೆ, ಸುಧಾರಿತ ಶಸ್ತ್ರಾಸ್ತ್ರ ಸಾಮರ್ಥ್ಯಗಳನ್ನು ಹೊಂದಿದೆ. ಇದು ಗಂಟೆಗೆ 2,200 ಕಿ.ಮೀ. ವೇಗದಲ್ಲಿ ಹಾರಬಲ್ಲದು. ವಾಯುಪಡೆಯ ಹಳೆಯ ಮಿಗ್-21 ವಿಮಾನಗಳ ಸ್ಥಾನವನ್ನು ತೇಜಸ್ ತುಂಬಲಿದೆ. ಈ ನಿಟ್ಟಿನಲ್ಲಿ 83 ವಿಮಾನಗಳ ಖರೀದಿಗೆ ಒಪ್ಪಂದ ಮಾಡಿಕೊಳ್ಳಲಾಗಿದೆ.
ಈ ಯುದ್ಧ ವಿಮಾನವು ದೇಶೀಯ ರಕ್ಷಣಾ ಉತ್ಪಾದನೆಯ ಮಹತ್ವದ ಮೈಲಿಗಲ್ಲು ಎನಿಸಿದೆ.
ಸಿಂದೂರ ಸ್ವಾವಲಂಬನೆಗೆ ಅತ್ಯುತ್ತಮ ಉದಾಹರಣೆ
ಹೊಸದಿಲ್ಲಿ: ರಕ್ಷಣಾ ರಂಗದಲ್ಲಿ ಭಾರತದ ಸ್ವಾವಲಂಬನೆಗೆ ಆಪರೇಷನ್ ಸಿಂದೂರ ಅತ್ಯುತ್ತಮ ಉದಾಹರಣೆ ಎಂದು ರಕ್ಷಣಾ ಸಚಿವ ರಾಜನಾಥ್ ಸಿಂಗ್ ಹೇಳಿದ್ದಾರೆ. ದೇಶೀಯ ನಿರ್ಮಿತ ಶಸ್ತ್ರಾಸ್ತ್ರಗಳು ಕಾರ್ಯಾಚರಣೆಯಲ್ಲಿ ಪರಿಣಾಮಕಾರಿಯಾಗಿ ಕೆಲಸ ಮಾಡಿವೆ. ಆಕಾಶ್, ಬ್ರಹ್ಮೋಸ್ ಕ್ಷಿಪಣಿಗಳ ಸಾಮರ್ಥ್ಯವನ್ನು ಜಗತ್ತೇ ಕಂಡಿದೆ. ಇನ್ನಷ್ಟು ದೇಶೀಯ ಉತ್ಪಾದನೆಗೆ ಒತ್ತು ನೀಡಲಾಗುವುದು ಎಂದು ಅವರು ತಿಳಿಸಿದರು.
ಬಿಜೆಪಿಯ 18, ಜೆಡಿಯು 44 ಅಭ್ಯರ್ಥಿಗಳ ಘೋಷಣೆ
ಎನ್‌ಡಿಎ ಅಂತಿಮ ಪಟ್ಟಿ ಬಿಡುಗಡೆ
ಹೊಸದಿಲ್ಲಿ: ಬಿಹಾರ ವಿಧಾನಸಭೆ ಚುನಾವಣೆಗೆ ಬಿಜೆಪಿ 18 ಅಭ್ಯರ್ಥಿಗಳ ಹೆಸರುಗಳನ್ನು ಒಳಗೊಂಡ ಮೂರನೇ ಪಟ್ಟಿ ಮತ್ತು ಜೆಡಿಯು 44 ಅಭ್ಯರ್ಥಿಗಳ ಎರಡನೇ ಪಟ್ಟಿಯನ್ನು ಬಿಡುಗಡೆ ಮಾಡಿವೆ. ಇದರೊಂದಿಗೆ ಎನ್‌ಡಿಎ ಎಲ್ಲಾ 243 ಕ್ಷೇತ್ರಗಳಿಗೂ ಅಭ್ಯರ್ಥಿಗಳನ್ನು ಘೋಷಿಸಿದೆ. ಬಿಜೆಪಿ 101 ಕ್ಷೇತ್ರಗಳಲ್ಲಿ ಮತ್ತು ಜೆಡಿಯು 101 ಕ್ಷೇತ್ರಗಳಲ್ಲಿ ಸ್ಪರ್ಧಿಸುತ್ತಿವೆ.
ಎನ್‌ಡಿಎ ಪ್ರಮುಖ ನಾಯಕರಾದ ರಾಷ್ಟ್ರೀಯ ಲೋಕ ಮೋರ್ಚಾ ಮತ್ತು ಹಿಂದೂಸ್ತಾನಿ ಅವಾಮ್ ಮೋರ್ಚಾ ತಲಾ 6 ಕ್ಷೇತ್ರಗಳಲ್ಲಿ, ಲೋಕ ಜನಶಕ್ತಿ ಪಕ್ಷ 29 ಕ್ಷೇತ್ರಗಳಲ್ಲಿ ಸ್ಪರ್ಧಿಸಲಿವೆ. ಎರಡು ಹಂತಗಳಲ್ಲಿ ನ.6 ಮತ್ತು 11ರಂದು ಮತದಾನ ನಡೆಯಲಿದ್ದು, ನ.14ರಂದು ಫಲಿತಾಂಶ ಪ್ರಕಟವಾಗಲಿದೆ.
ಬಿಹಾರ
ಮತ
ಸಮರ
